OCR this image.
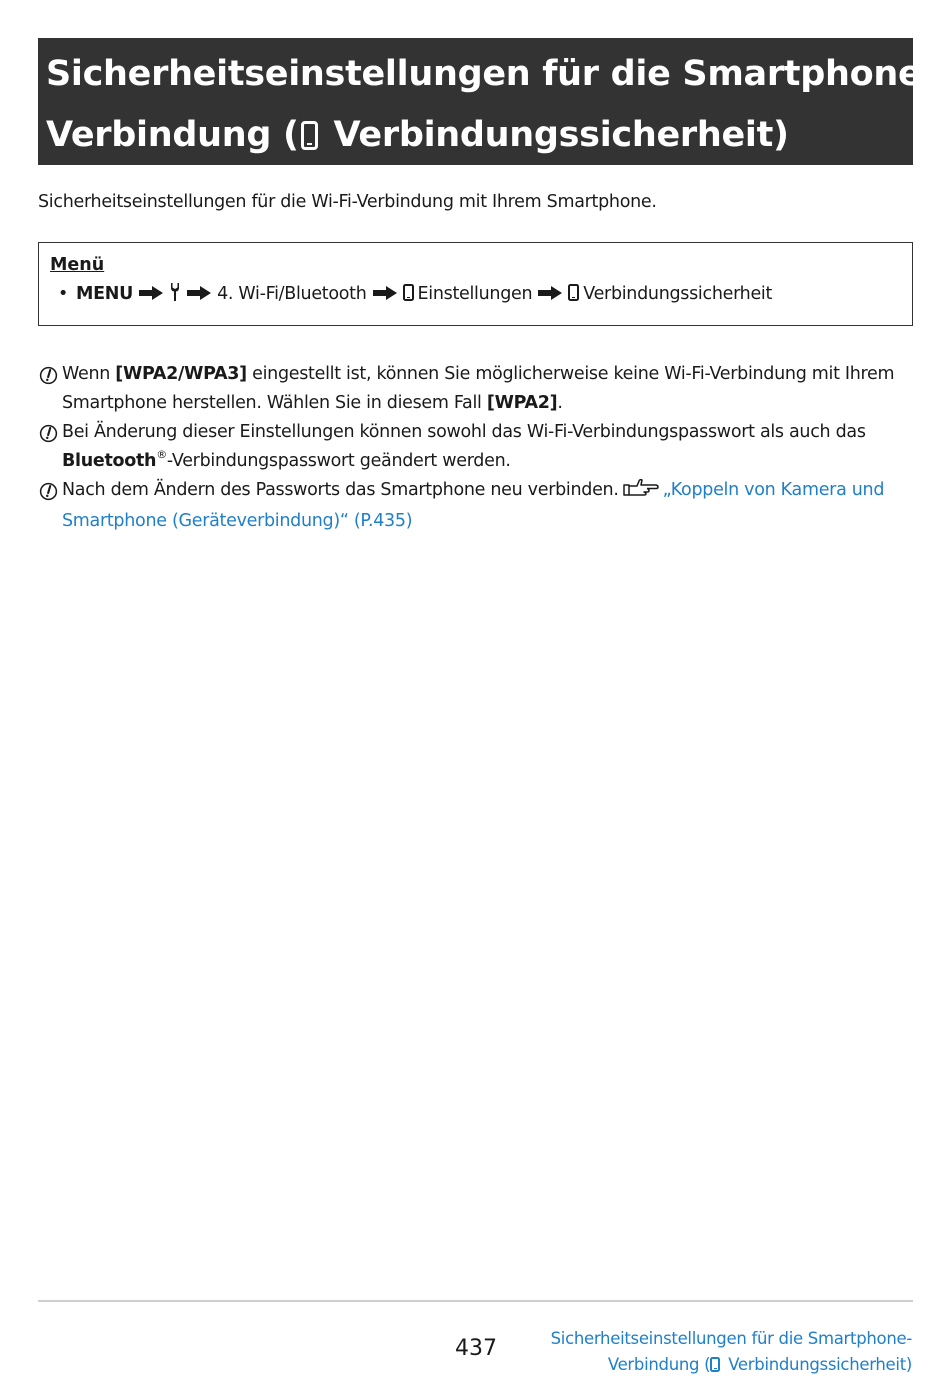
Sicherheitseinstellungen für die Smartphone-
Verbindung ( Verbindungssicherheit)
Sicherheitseinstellungen für die Wi-Fi-Verbindung mit Ihrem Smartphone.
Menü
• MENU	4. Wi-Fi/Bluetooth	Einstellungen	Verbindungssicherheit
Wenn [WPA2/WPA3] eingestellt ist, können Sie möglicherweise keine Wi-Fi-Verbindung mit Ihrem
Smartphone herstellen. Wählen Sie in diesem Fall [WPA2].
Bei Änderung dieser Einstellungen können sowohl das Wi-Fi-Verbindungspasswort als auch das
Bluetooth®-Verbindungspasswort geändert werden.
Nach dem Ändern des Passworts das Smartphone neu verbinden.	„Koppeln von Kamera und
Smartphone (Geräteverbindung)“ (P.435)
437	Sicherheitseinstellungen für die Smartphone-
Verbindung ( Verbindungssicherheit)
